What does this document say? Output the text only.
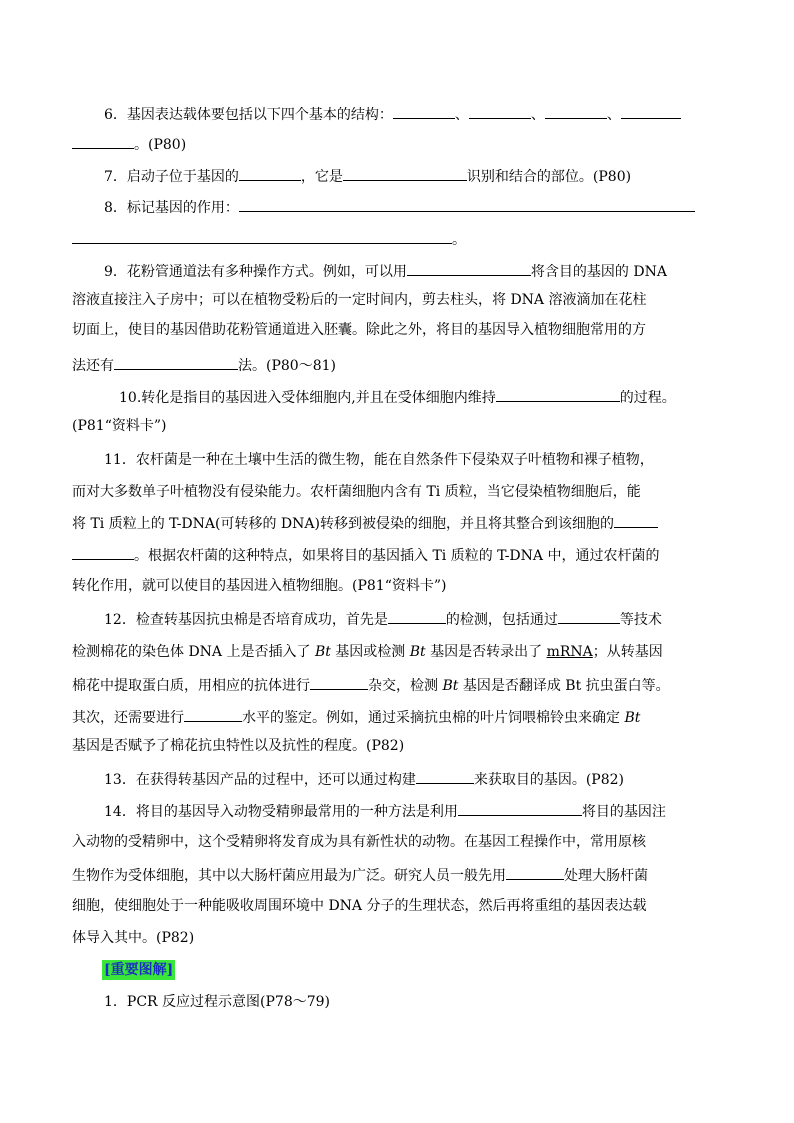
6．基因表达载体要包括以下四个基本的结构：	、	、	、
。(P80)
7．启动子位于基因的	，它是	识别和结合的部位。(P80)
8．标记基因的作用：
。
9．花粉管通道法有多种操作方式。例如，可以用	将含目的基因的 DNA
溶液直接注入子房中；可以在植物受粉后的一定时间内，剪去柱头，将 DNA 溶液滴加在花柱
切面上，使目的基因借助花粉管通道进入胚囊。除此之外，将目的基因导入植物细胞常用的方
法还有	法。(P80～81)
10.转化是指目的基因进入受体细胞内,并且在受体细胞内维持	的过程。
(P81“资料卡”)
11．农杆菌是一种在土壤中生活的微生物，能在自然条件下侵染双子叶植物和裸子植物，
而对大多数单子叶植物没有侵染能力。农杆菌细胞内含有 Ti 质粒，当它侵染植物细胞后，能
将 Ti 质粒上的 T-DNA(可转移的 DNA)转移到被侵染的细胞，并且将其整合到该细胞的
。根据农杆菌的这种特点，如果将目的基因插入 Ti 质粒的 T-DNA 中，通过农杆菌的
转化作用，就可以使目的基因进入植物细胞。(P81“资料卡”)
12．检查转基因抗虫棉是否培育成功，首先是	的检测，包括通过	等技术
检测棉花的染色体 DNA 上是否插入了 Bt 基因或检测 Bt 基因是否转录出了 mRNA；从转基因
棉花中提取蛋白质，用相应的抗体进行	杂交，检测 Bt 基因是否翻译成 Bt 抗虫蛋白等。
其次，还需要进行	水平的鉴定。例如，通过采摘抗虫棉的叶片饲喂棉铃虫来确定 Bt
基因是否赋予了棉花抗虫特性以及抗性的程度。(P82)
13．在获得转基因产品的过程中，还可以通过构建	来获取目的基因。(P82)
14．将目的基因导入动物受精卵最常用的一种方法是利用	将目的基因注
入动物的受精卵中，这个受精卵将发育成为具有新性状的动物。在基因工程操作中，常用原核
生物作为受体细胞，其中以大肠杆菌应用最为广泛。研究人员一般先用	处理大肠杆菌
细胞，使细胞处于一种能吸收周围环境中 DNA 分子的生理状态，然后再将重组的基因表达载
体导入其中。(P82)
[重要图解]
1．PCR 反应过程示意图(P78～79)
